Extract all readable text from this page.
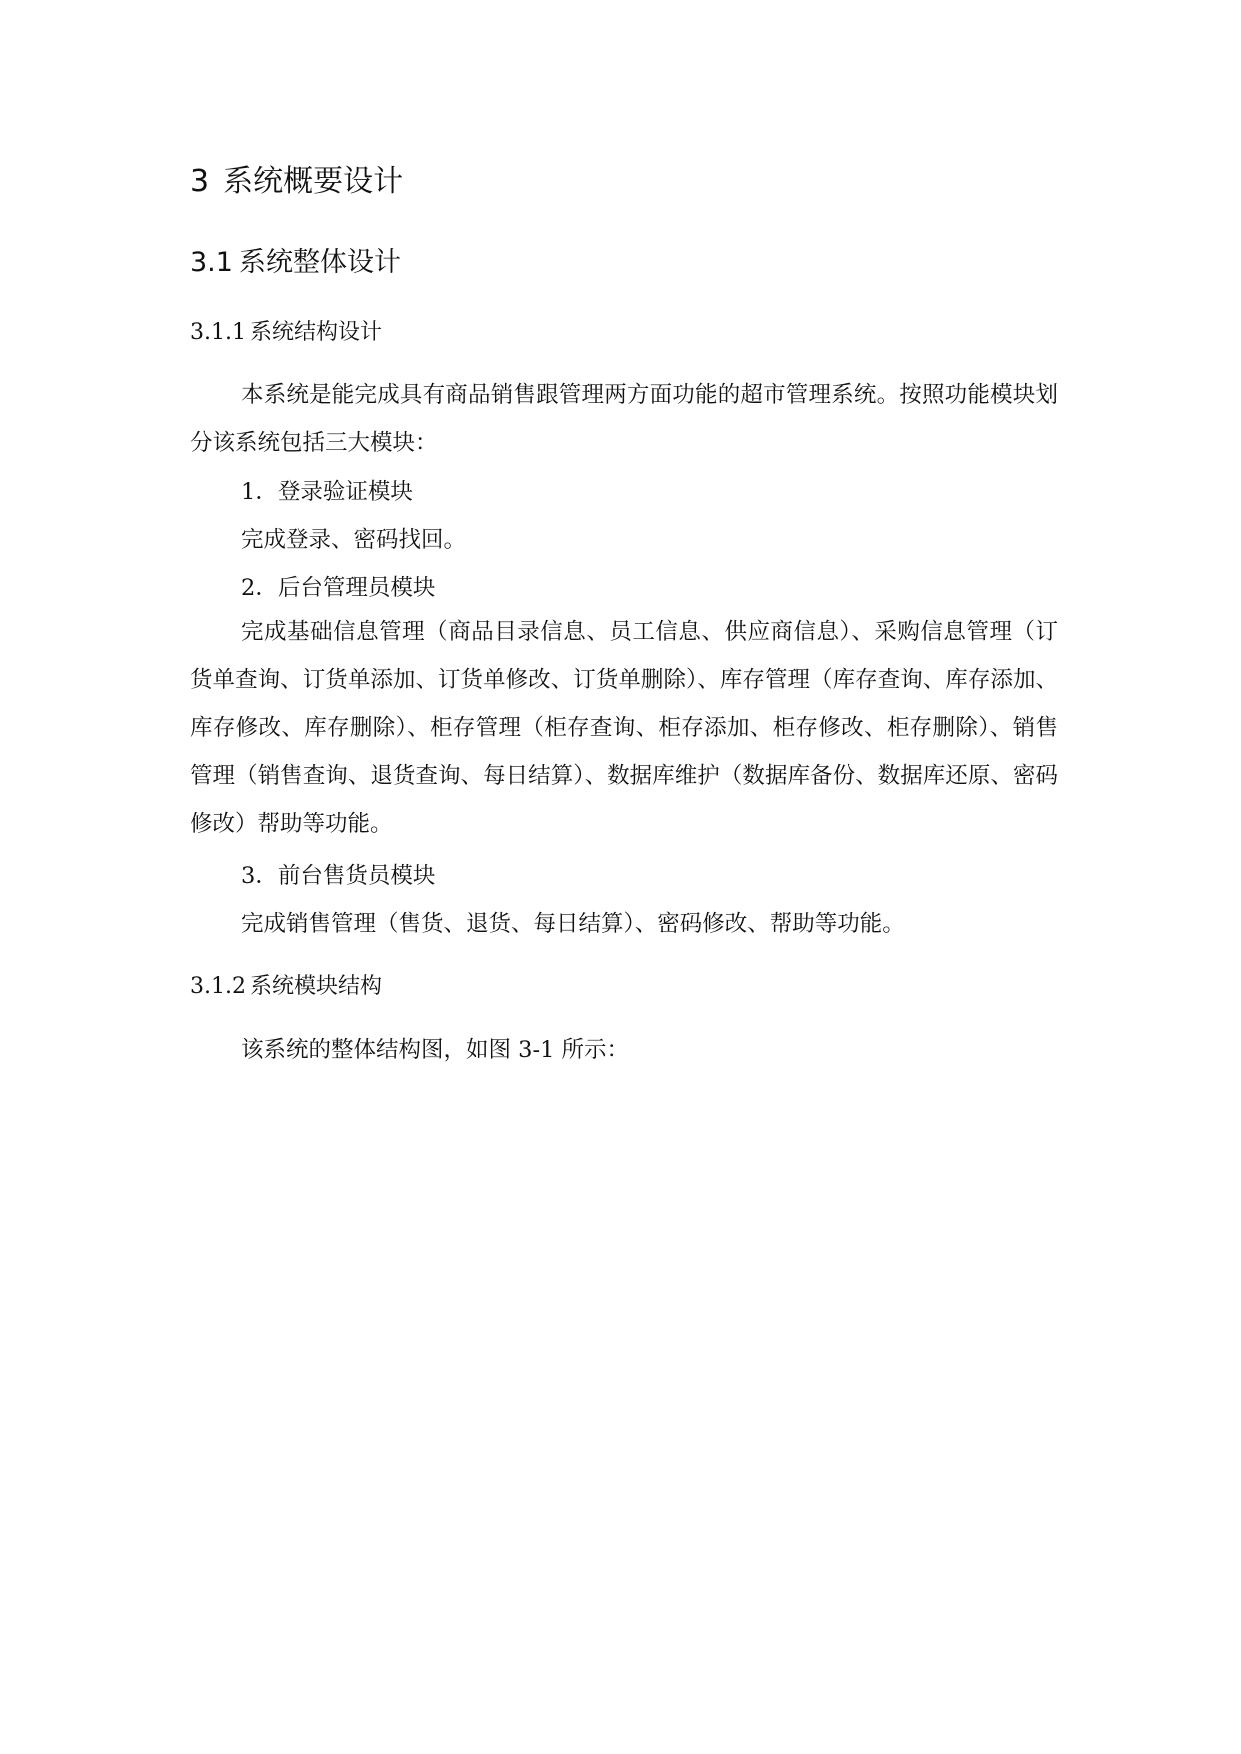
3 系统概要设计
3.1 系统整体设计
3.1.1 系统结构设计

本系统是能完成具有商品销售跟管理两方面功能的超市管理系统。按照功能模块划分该系统包括三大模块：

1．登录验证模块
完成登录、密码找回。
2．后台管理员模块

完成基础信息管理（商品目录信息、员工信息、供应商信息）、采购信息管理（订货单查询、订货单添加、订货单修改、订货单删除）、库存管理（库存查询、库存添加、库存修改、库存删除）、柜存管理（柜存查询、柜存添加、柜存修改、柜存删除）、销售管理（销售查询、退货查询、每日结算）、数据库维护（数据库备份、数据库还原、密码修改）帮助等功能。

3．前台售货员模块
完成销售管理（售货、退货、每日结算）、密码修改、帮助等功能。
3.1.2 系统模块结构
该系统的整体结构图，如图 3-1 所示：
